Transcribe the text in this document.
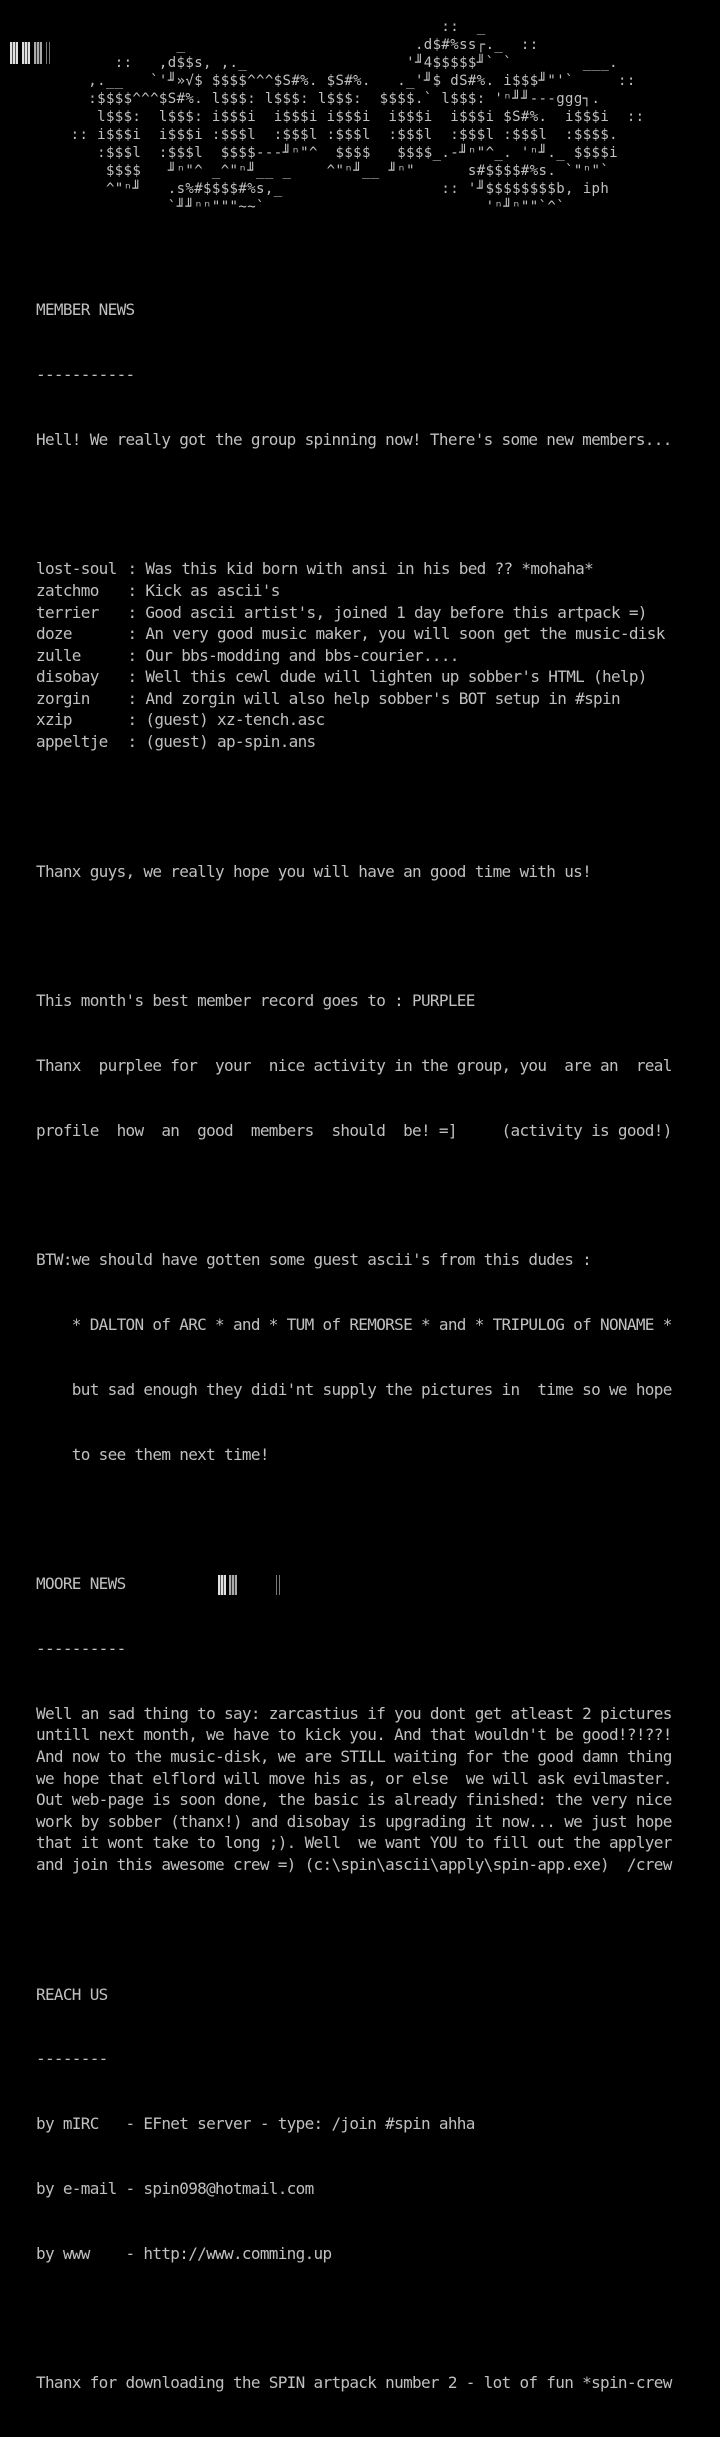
::  _
_                          .d$#%ss┌._  ::
::   ,d$$s, ,._                  '╜4$$$$$╜` `        ___.
,.__   `'╜»√$ $$$$^^^$S#%. $S#%.   ._'╜$ dS#%. i$$$╜"'`     ::
:$$$$^^^$S#%. l$$$: l$$$: l$$$:  $$$$.` l$$$: 'ⁿ╜╜---ggg┐.
l$$$:  l$$$: i$$$i  i$$$i i$$$i  i$$$i  i$$$i $S#%.  i$$$i  ::
:: i$$$i  i$$$i :$$$l  :$$$l :$$$l  :$$$l  :$$$l :$$$l  :$$$$.
:$$$l  :$$$l  $$$$---╜ⁿ"^  $$$$   $$$$_.-╜ⁿ"^_. 'ⁿ╜._ $$$$i
$$$$   ╜ⁿ"^ _^"ⁿ╜__ _    ^"ⁿ╜__ ╜ⁿ"      s#$$$$#%s. `"ⁿ"`
^"ⁿ╜   .s%#$$$$#%s,_                  :: '╜$$$$$$$$b, iph
`╜╜ⁿⁿ"""~~`                         'ⁿ╜ⁿ""`^`

MEMBER NEWS

-----------

Hell! We really got the group spinning now! There's some new members...

lost-soul : Was this kid born with ansi in his bed ?? *mohaha*
zatchmo : Kick as ascii's
terrier : Good ascii artist's, joined 1 day before this artpack =)
doze	: An very good music maker, you will soon get the music-disk
zulle	: Our bbs-modding and bbs-courier....
disobay : Well this cewl dude will lighten up sobber's HTML (help)
zorgin : And zorgin will also help sobber's BOT setup in #spin
xzip	: (guest) xz-tench.asc
appeltje : (guest) ap-spin.ans

Thanx guys, we really hope you will have an good time with us!

This month's best member record goes to : PURPLEE

Thanx  purplee for  your  nice activity in the group, you  are an  real

profile  how  an  good  members  should  be! =]     (activity is good!)

BTW:we should have gotten some guest ascii's from this dudes :

* DALTON of ARC * and * TUM of REMORSE * and * TRIPULOG of NONAME *

but sad enough they didi'nt supply the pictures in  time so we hope

to see them next time!

MOORE NEWS

----------

Well an sad thing to say: zarcastius if you dont get atleast 2 pictures
untill next month, we have to kick you. And that wouldn't be good!?!??!
And now to the music-disk, we are STILL waiting for the good damn thing
we hope that elflord will move his as, or else  we will ask evilmaster.
Out web-page is soon done, the basic is already finished: the very nice
work by sobber (thanx!) and disobay is upgrading it now... we just hope
that it wont take to long ;). Well  we want YOU to fill out the applyer
and join this awesome crew =) (c:\spin\ascii\apply\spin-app.exe)  /crew

REACH US

--------

by mIRC   - EFnet server - type: /join #spin ahha

by e-mail - spin098@hotmail.com

by www    - http://www.comming.up

Thanx for downloading the SPIN artpack number 2 - lot of fun *spin-crew
